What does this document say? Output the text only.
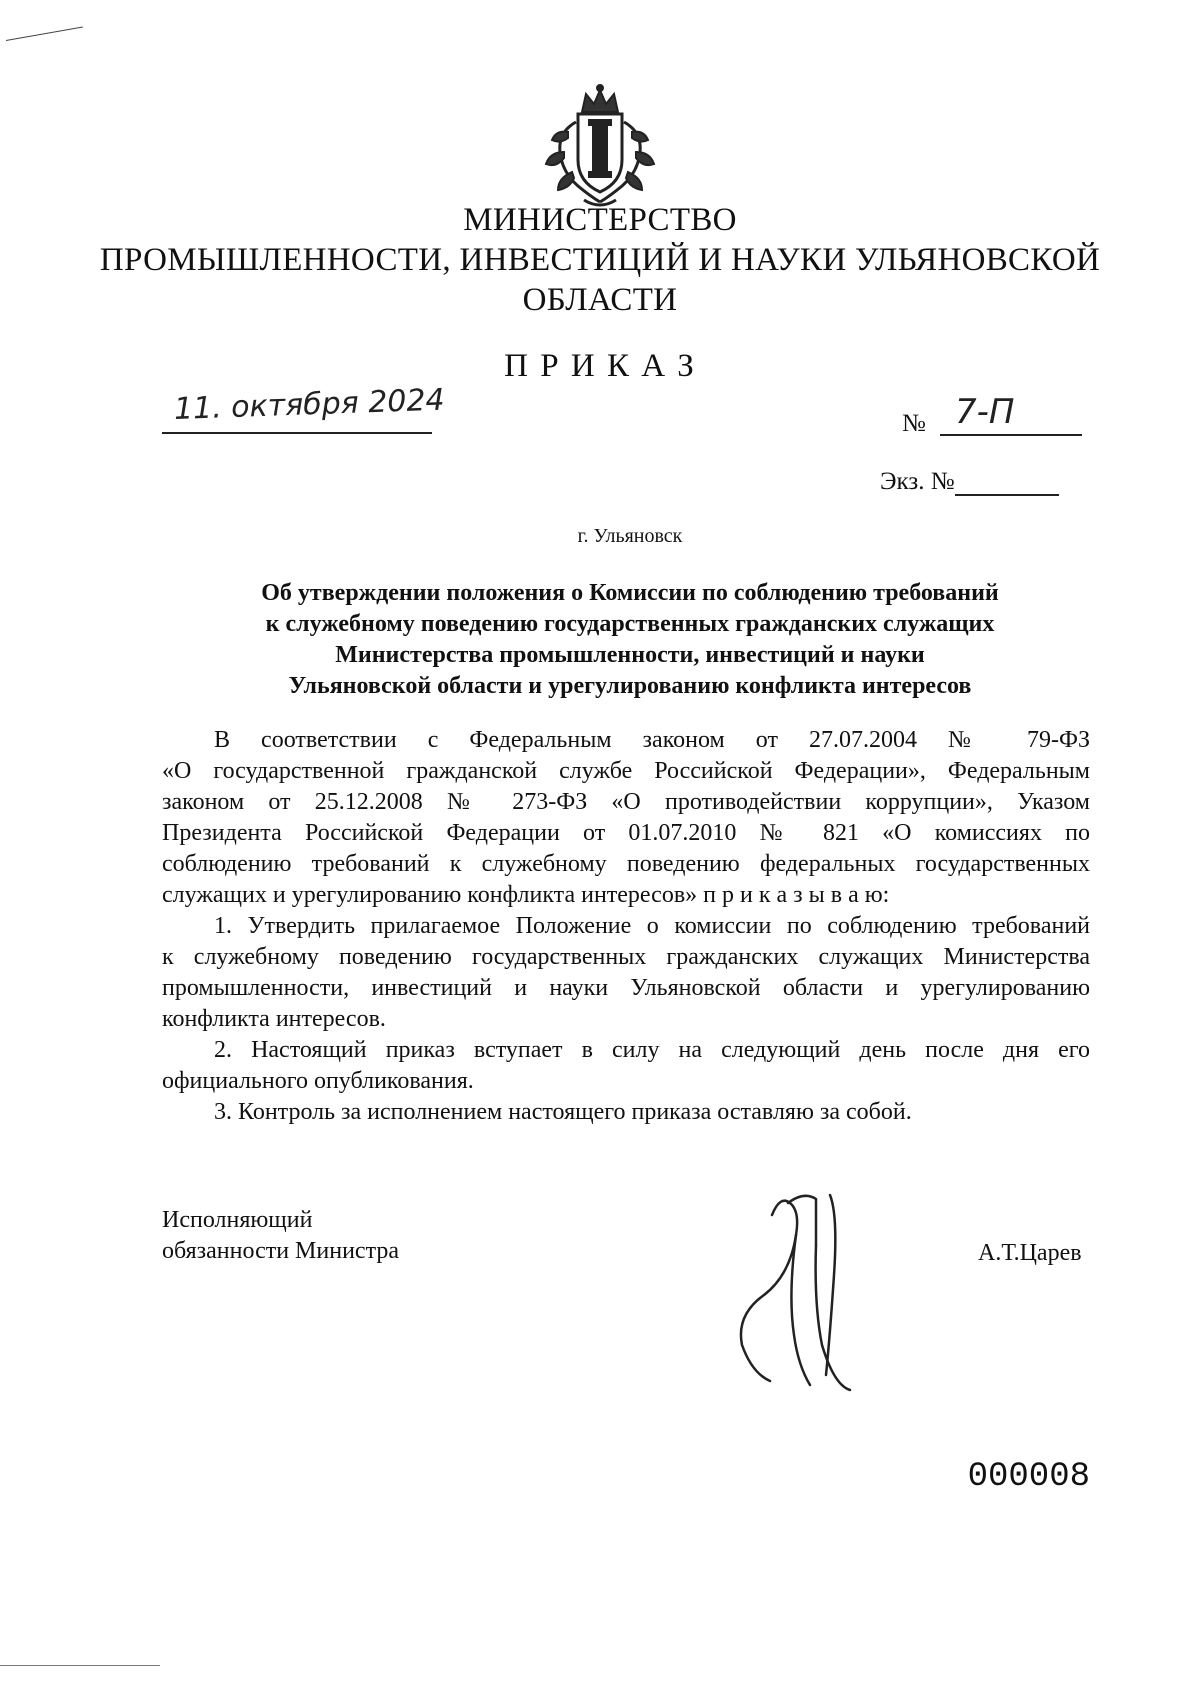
МИНИСТЕРСТВО
ПРОМЫШЛЕННОСТИ, ИНВЕСТИЦИЙ И НАУКИ УЛЬЯНОВСКОЙ
ОБЛАСТИ
П Р И К А З
11. октября 2024	№ 7-П
Экз. №
г. Ульяновск
Об утверждении положения о Комиссии по соблюдению требований
к служебному поведению государственных гражданских служащих
Министерства промышленности, инвестиций и науки
Ульяновской области и урегулированию конфликта интересов
В соответствии с Федеральным законом от 27.07.2004 № 79-ФЗ
«О государственной гражданской службе Российской Федерации», Федеральным
законом от 25.12.2008 № 273-ФЗ «О противодействии коррупции», Указом
Президента Российской Федерации от 01.07.2010 № 821 «О комиссиях по
соблюдению требований к служебному поведению федеральных государственных
служащих и урегулированию конфликта интересов» п р и к а з ы в а ю:
1. Утвердить прилагаемое Положение о комиссии по соблюдению требований
к служебному поведению государственных гражданских служащих Министерства
промышленности, инвестиций и науки Ульяновской области и урегулированию
конфликта интересов.
2. Настоящий приказ вступает в силу на следующий день после дня его
официального опубликования.
3. Контроль за исполнением настоящего приказа оставляю за собой.
Исполняющий
обязанности Министра	А.Т.Царев
000008
